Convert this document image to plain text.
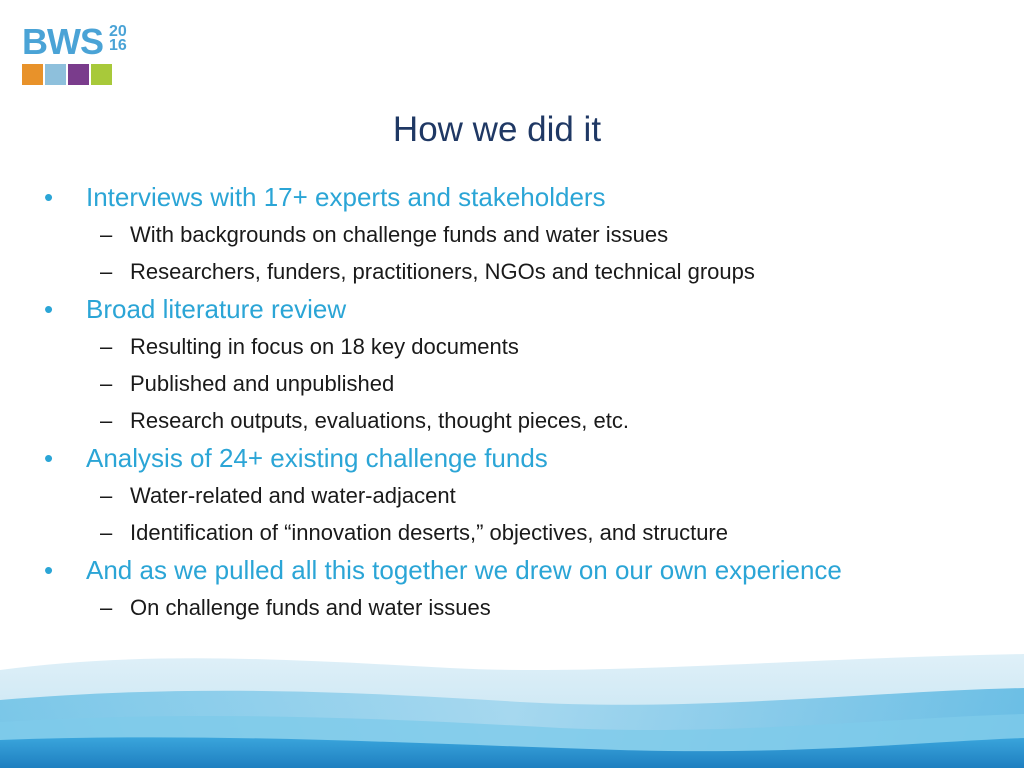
BWS 20
16
How we did it
• Interviews with 17+ experts and stakeholders
– With backgrounds on challenge funds and water issues
– Researchers, funders, practitioners, NGOs and technical groups
• Broad literature review
– Resulting in focus on 18 key documents
– Published and unpublished
– Research outputs, evaluations, thought pieces, etc.
• Analysis of 24+ existing challenge funds
– Water-related and water-adjacent
– Identification of “innovation deserts,” objectives, and structure
• And as we pulled all this together we drew on our own experience
– On challenge funds and water issues
